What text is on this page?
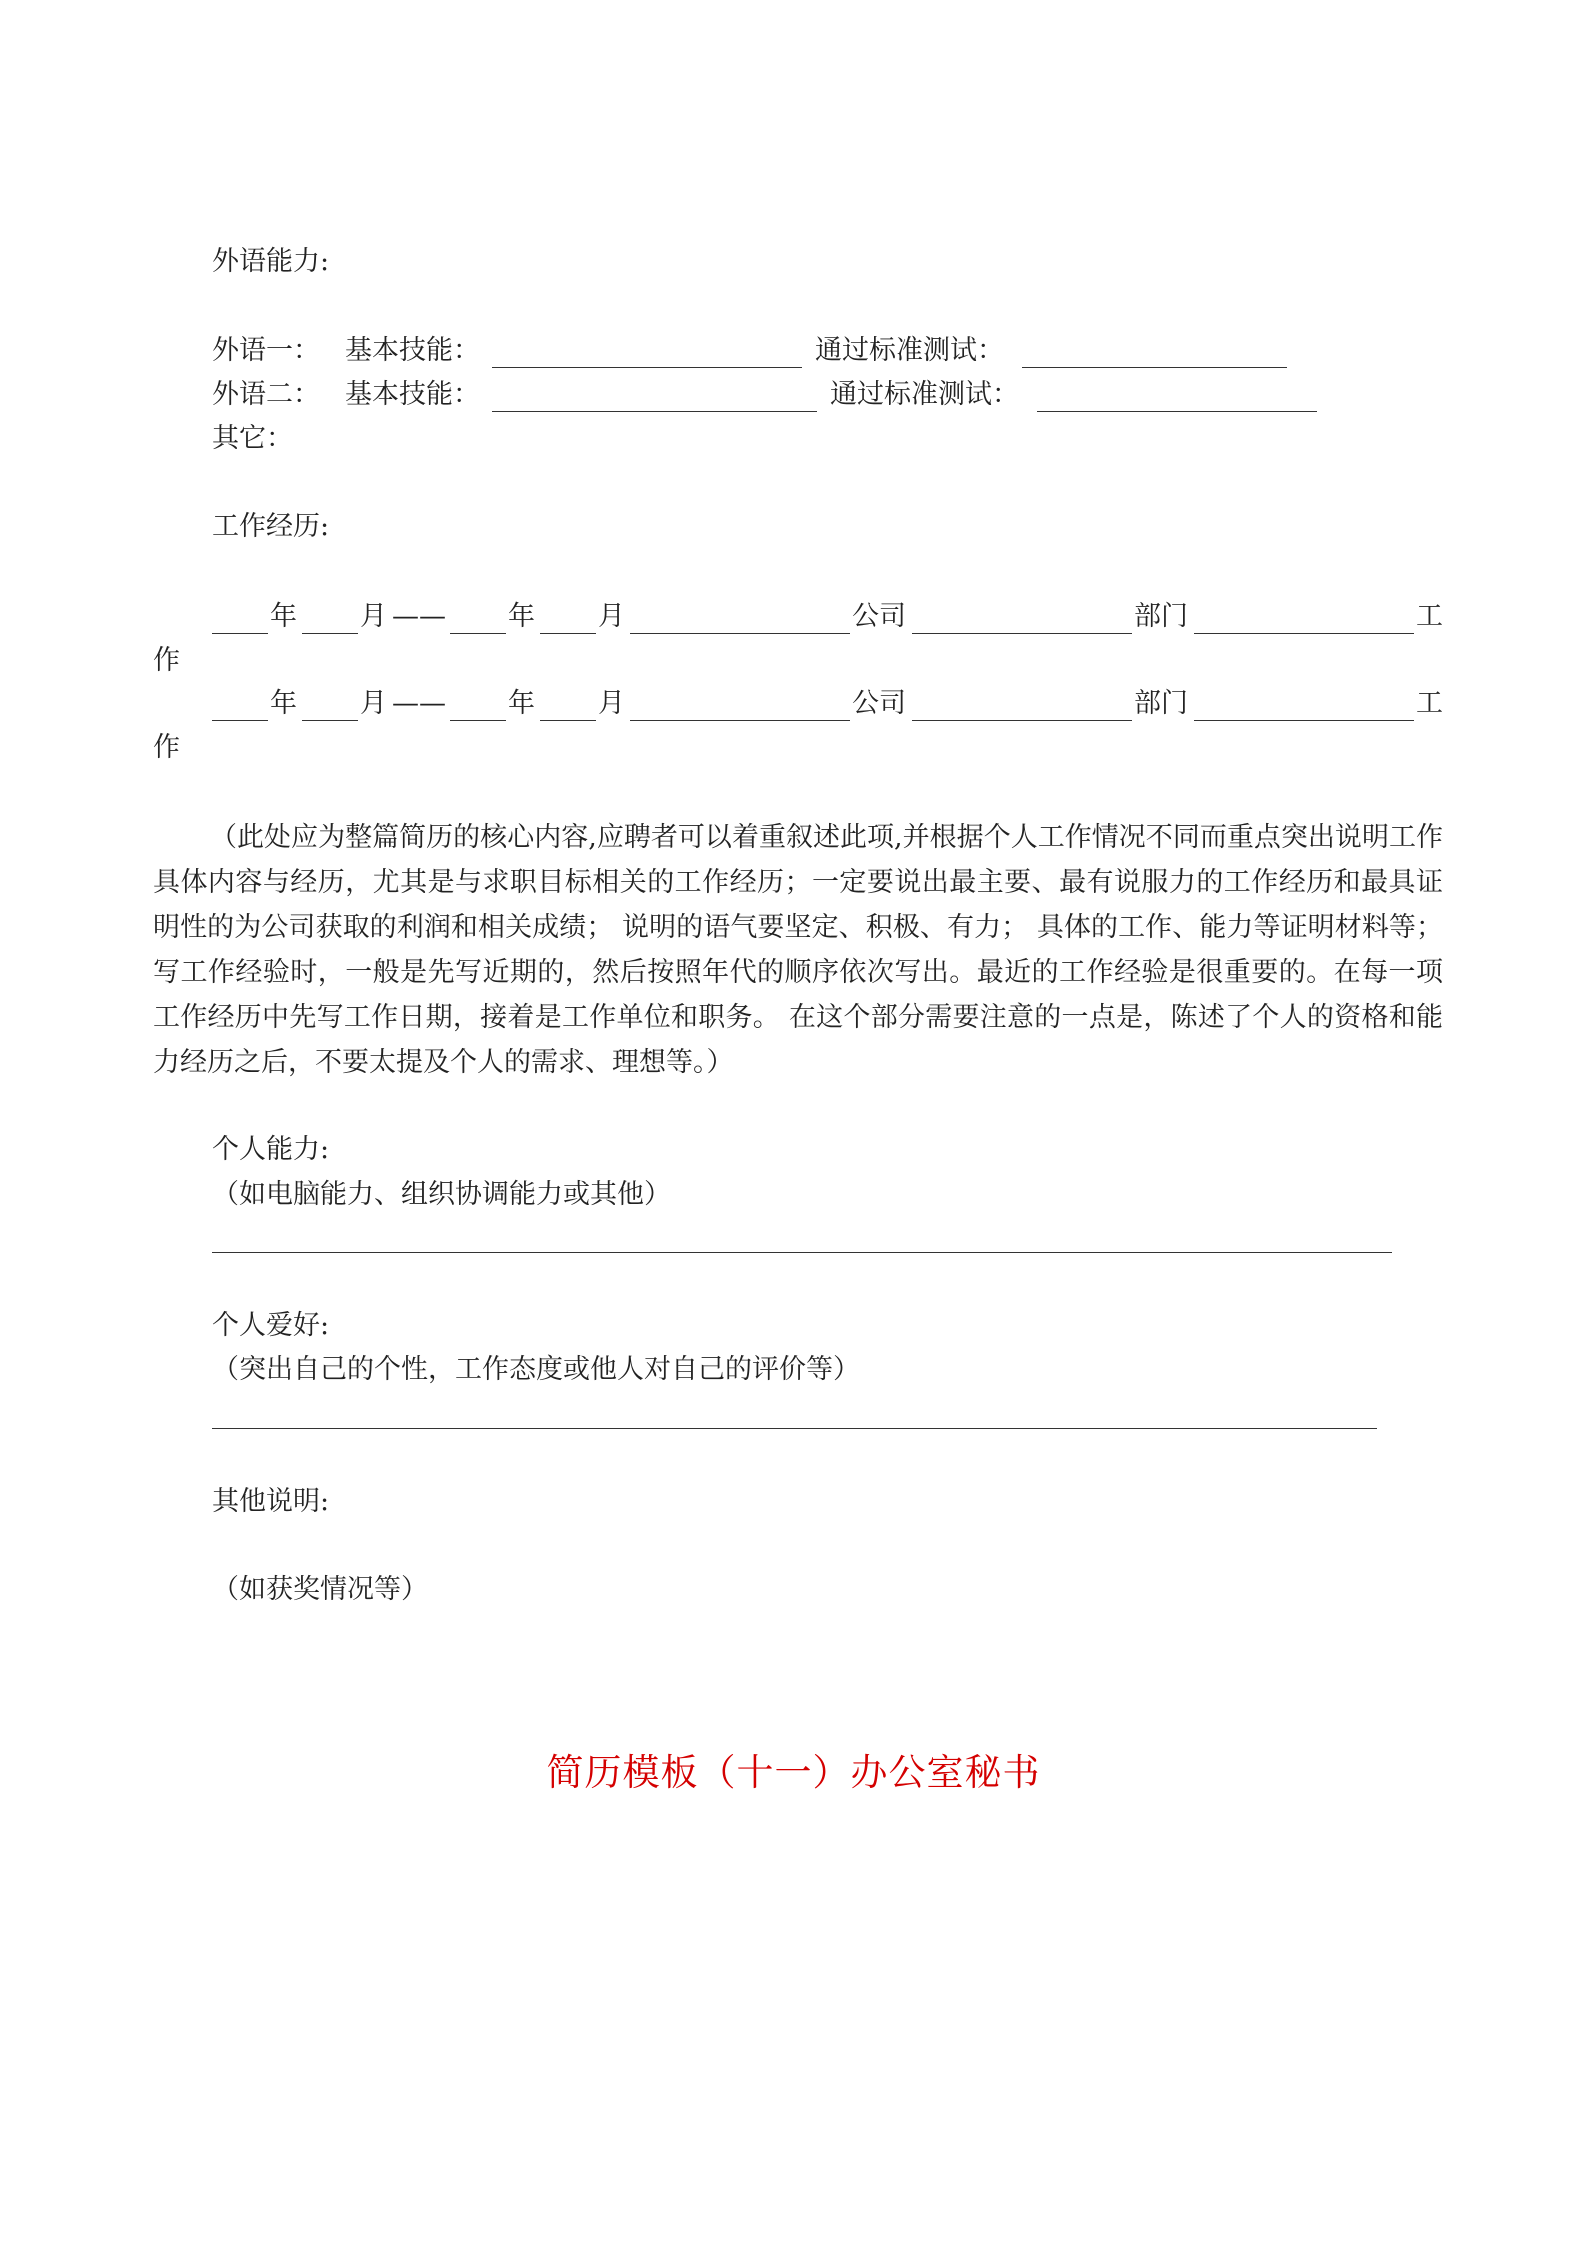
外语能力:
外语一： 基本技能：	通过标准测试：
外语二： 基本技能：	通过标准测试：
其它：
工作经历:
年 月 —— 年 月	公司	部门	工
作
年 月 —— 年 月	公司	部门	工
作
（此处应为整篇简历的核心内容,应聘者可以着重叙述此项,并根据个人工作情况不同而重点突出说明工作具体内容与经历，尤其是与求职目标相关的工作经历；一定要说出最主要、最有说服力的工作经历和最具证明性的为公司获取的利润和相关成绩； 说明的语气要坚定、积极、有力； 具体的工作、能力等证明材料等； 写工作经验时，一般是先写近期的，然后按照年代的顺序依次写出。最近的工作经验是很重要的。在每一项工作经历中先写工作日期，接着是工作单位和职务。 在这个部分需要注意的一点是，陈述了个人的资格和能力经历之后，不要太提及个人的需求、理想等。）
个人能力:
（如电脑能力、组织协调能力或其他）
个人爱好:
（突出自己的个性，工作态度或他人对自己的评价等）
其他说明:
（如获奖情况等）
简历模板（十一）办公室秘书
